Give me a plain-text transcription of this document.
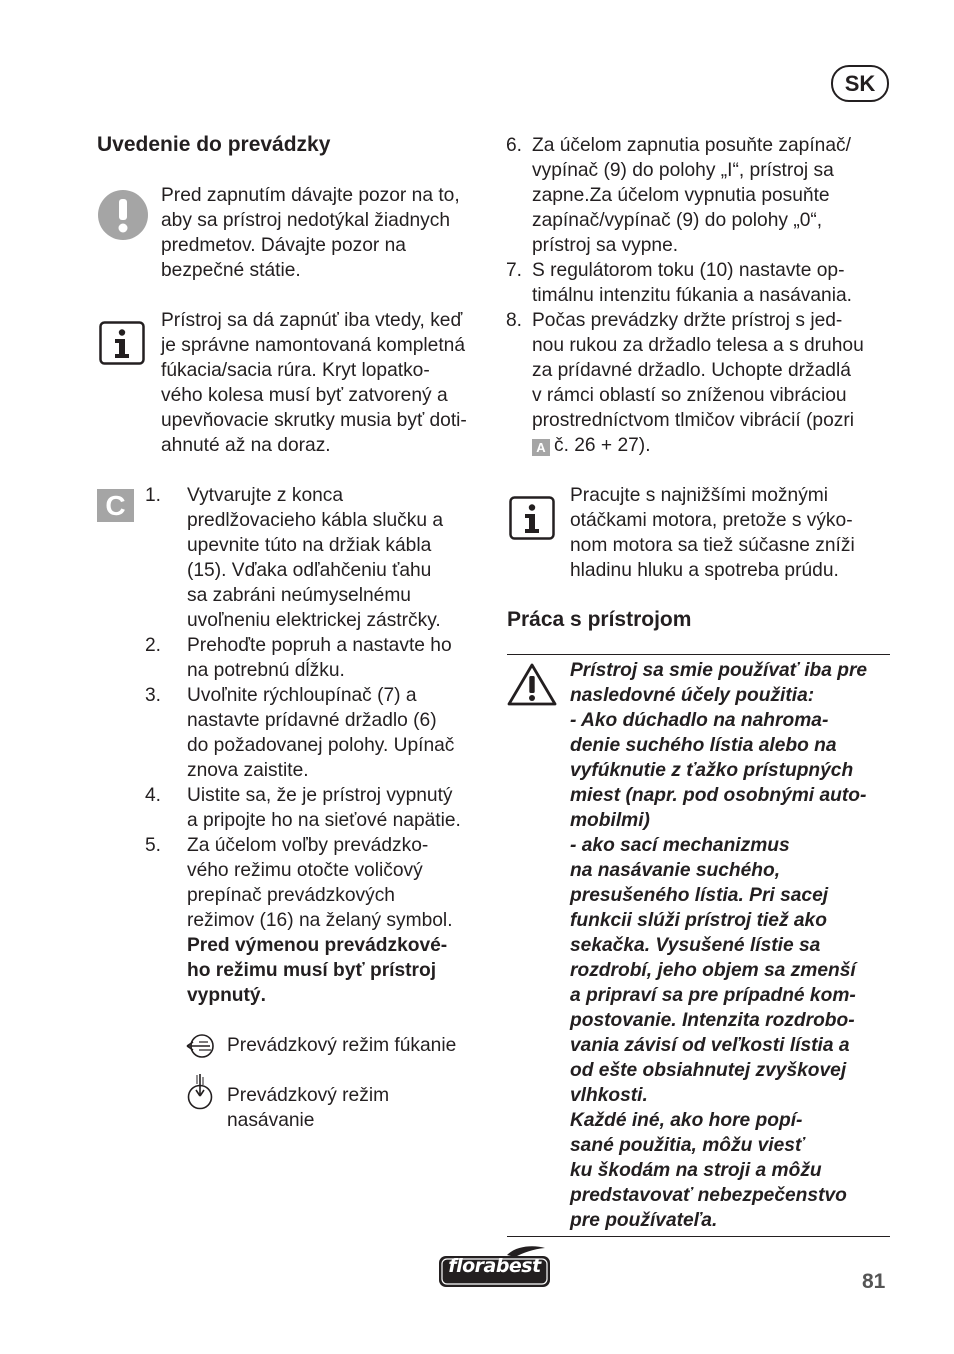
SK
Uvedenie do prevádzky
Pred zapnutím dávajte pozor na to,
aby sa prístroj nedotýkal žiadnych
predmetov. Dávajte pozor na
bezpečné státie.
Prístroj sa dá zapnúť iba vtedy, keď
je správne namontovaná kompletná
fúkacia/sacia rúra. Kryt lopatko-
vého kolesa musí byť zatvorený a
upevňovacie skrutky musia byť doti-
ahnuté až na doraz.
C	1. Vytvarujte z konca
predlžovacieho kábla slučku a
upevnite túto na držiak kábla
(15). Vďaka odľahčeniu ťahu
sa zabráni neúmyselnému
uvoľneniu elektrickej zástrčky.
2. Prehoďte popruh a nastavte ho
na potrebnú dĺžku.
3. Uvoľnite rýchloupínač (7) a
nastavte prídavné držadlo (6)
do požadovanej polohy. Upínač
znova zaistite.
4. Uistite sa, že je prístroj vypnutý
a pripojte ho na sieťové napätie.
5. Za účelom voľby prevádzko-
vého režimu otočte voličový
prepínač prevádzkových
režimov (16) na želaný symbol.
Pred výmenou prevádzkové-
ho režimu musí byť prístroj
vypnutý.
Prevádzkový režim fúkanie
Prevádzkový režim
nasávanie
6. Za účelom zapnutia posuňte zapínač/
vypínač (9) do polohy „I“, prístroj sa
zapne.Za účelom vypnutia posuňte
zapínač/vypínač (9) do polohy „0“,
prístroj sa vypne.
7. S regulátorom toku (10) nastavte op-
timálnu intenzitu fúkania a nasávania.
8. Počas prevádzky držte prístroj s jed-
nou rukou za držadlo telesa a s druhou
za prídavné držadlo. Uchopte držadlá
v rámci oblastí so zníženou vibráciou
prostredníctvom tlmičov vibrácií (pozri
A č. 26 + 27).
Pracujte s najnižšími možnými
otáčkami motora, pretože s výko-
nom motora sa tiež súčasne zníži
hladinu hluku a spotreba prúdu.
Práca s prístrojom
Prístroj sa smie používať iba pre
nasledovné účely použitia:
- Ako dúchadlo na nahroma-
denie suchého lístia alebo na
vyfúknutie z ťažko prístupných
miest (napr. pod osobnými auto-
mobilmi)
- ako sací mechanizmus
na nasávanie suchého,
presušeného lístia. Pri sacej
funkcii slúži prístroj tiež ako
sekačka. Vysušené lístie sa
rozdrobí, jeho objem sa zmenší
a pripraví sa pre prípadné kom-
postovanie. Intenzita rozdrobo-
vania závisí od veľkosti lístia a
od ešte obsiahnutej zvyškovej
vlhkosti.
Každé iné, ako hore popí-
sané použitia, môžu viesť
ku škodám na stroji a môžu
predstavovať nebezpečenstvo
pre používateľa.
florabest
81
